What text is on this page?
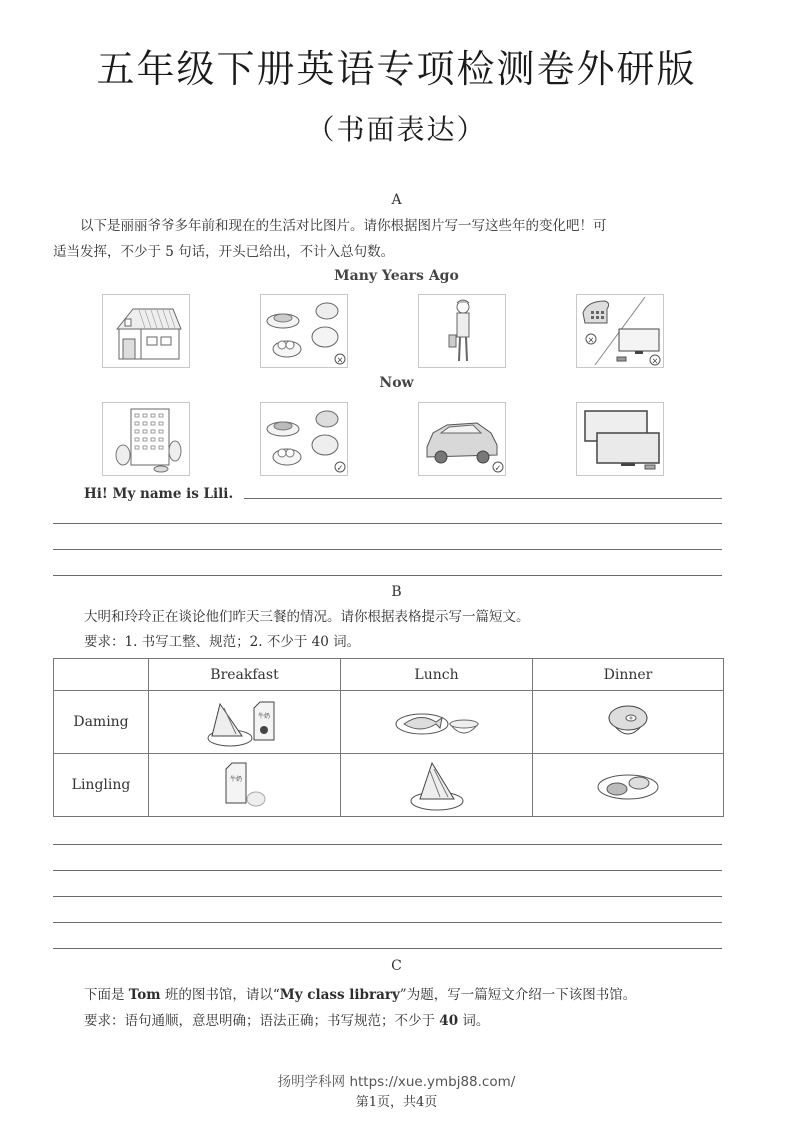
五年级下册英语专项检测卷外研版
（书面表达）
A
以下是丽丽爷爷多年前和现在的生活对比图片。请你根据图片写一写这些年的变化吧！可
适当发挥，不少于 5 句话，开头已给出，不计入总句数。
Many Years Ago
×
×
×
Now
✓	✓
Hi! My name is Lili.
B
大明和玲玲正在谈论他们昨天三餐的情况。请你根据表格提示写一篇短文。
要求：1. 书写工整、规范；2. 不少于 40 词。
	Breakfast	Lunch	Dinner
Daming	牛奶

Lingling	牛奶

C
下面是 Tom 班的图书馆，请以“My class library”为题，写一篇短文介绍一下该图书馆。
要求：语句通顺，意思明确；语法正确；书写规范；不少于 40 词。
扬明学科网 https://xue.ymbj88.com/
第1页，共4页
